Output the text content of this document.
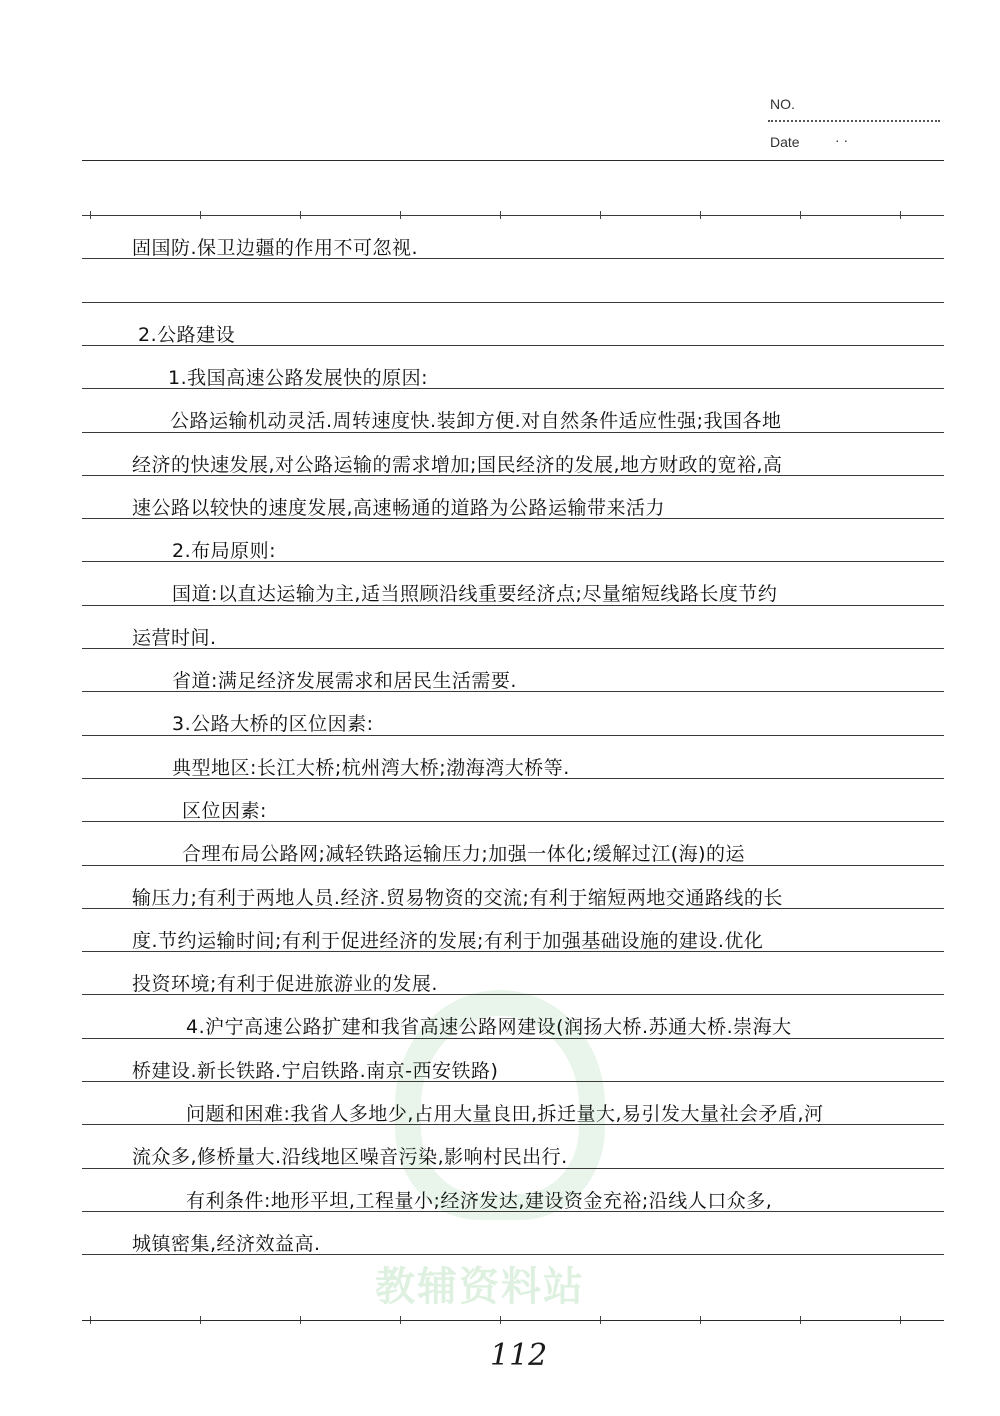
NO.
Date	· ·
教辅资料站
固国防.保卫边疆的作用不可忽视.
2.公路建设
1.我国高速公路发展快的原因:
公路运输机动灵活.周转速度快.装卸方便.对自然条件适应性强;我国各地
经济的快速发展,对公路运输的需求增加;国民经济的发展,地方财政的宽裕,高
速公路以较快的速度发展,高速畅通的道路为公路运输带来活力
2.布局原则:
国道:以直达运输为主,适当照顾沿线重要经济点;尽量缩短线路长度节约
运营时间.
省道:满足经济发展需求和居民生活需要.
3.公路大桥的区位因素:
典型地区:长江大桥;杭州湾大桥;渤海湾大桥等.
区位因素:
合理布局公路网;减轻铁路运输压力;加强一体化;缓解过江(海)的运
输压力;有利于两地人员.经济.贸易物资的交流;有利于缩短两地交通路线的长
度.节约运输时间;有利于促进经济的发展;有利于加强基础设施的建设.优化
投资环境;有利于促进旅游业的发展.
4.沪宁高速公路扩建和我省高速公路网建设(润扬大桥.苏通大桥.崇海大
桥建设.新长铁路.宁启铁路.南京-西安铁路)
问题和困难:我省人多地少,占用大量良田,拆迁量大,易引发大量社会矛盾,河
流众多,修桥量大.沿线地区噪音污染,影响村民出行.
有利条件:地形平坦,工程量小;经济发达,建设资金充裕;沿线人口众多,
城镇密集,经济效益高.
112
